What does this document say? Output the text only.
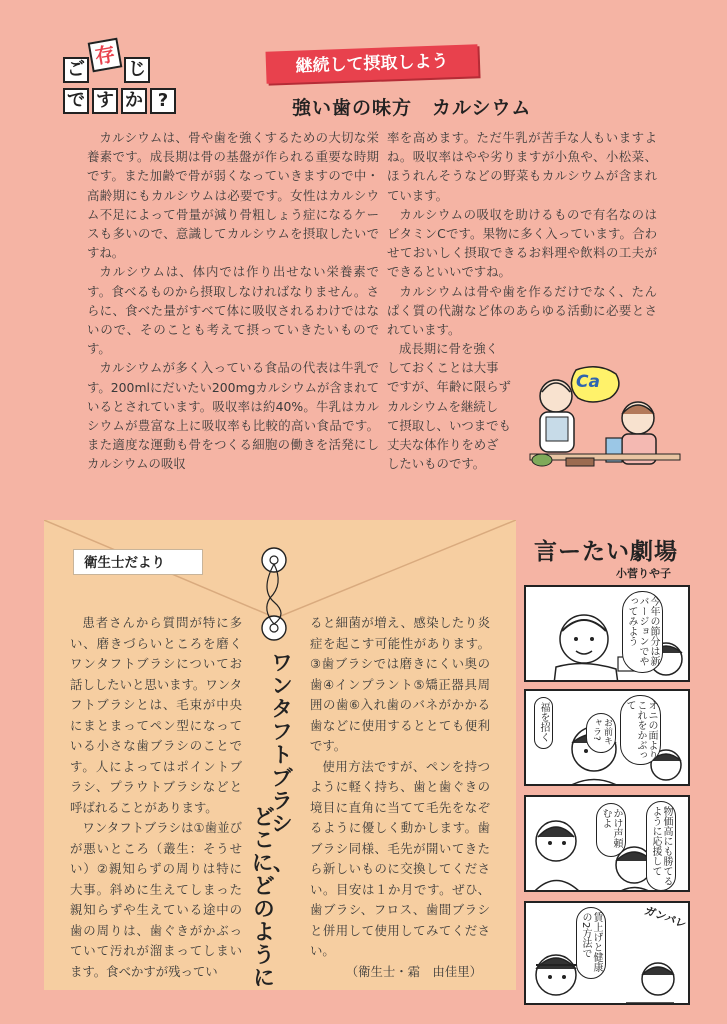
ご
存
じ
で す か ?
継続して摂取しよう
強い歯の味方　カルシウム

カルシウムは、骨や歯を強くするための大切な栄養素です。成長期は骨の基盤が作られる重要な時期です。また加齢で骨が弱くなっていきますので中・高齢期にもカルシウムは必要です。女性はカルシウム不足によって骨量が減り骨粗しょう症になるケースも多いので、意識してカルシウムを摂取したいですね。

カルシウムは、体内では作り出せない栄養素です。食べるものから摂取しなければなりません。さらに、食べた量がすべて体に吸収されるわけではないので、そのことも考えて摂っていきたいものです。

カルシウムが多く入っている食品の代表は牛乳です。200mlにだいたい200mgカルシウムが含まれているとされています。吸収率は約40%。牛乳はカルシウムが豊富な上に吸収率も比較的高い食品です。また適度な運動も骨をつくる細胞の働きを活発にしカルシウムの吸収

率を高めます。ただ牛乳が苦手な人もいますよね。吸収率はやや劣りますが小魚や、小松菜、ほうれんそうなどの野菜もカルシウムが含まれています。

カルシウムの吸収を助けるもので有名なのはビタミンCです。果物に多く入っています。合わせておいしく摂取できるお料理や飲料の工夫ができるといいですね。

カルシウムは骨や歯を作るだけでなく、たんぱく質の代謝など体のあらゆる活動に必要とされています。

成長期に骨を強く
しておくことは大事
ですが、年齢に限らず
カルシウムを継続し
て摂取し、いつまでも
丈夫な体作りをめざ
したいものです。
Ca
衛生士だより
ワンタフトブラシ
どこに、どのように

患者さんから質問が特に多い、磨きづらいところを磨くワンタフトブラシについてお話ししたいと思います。ワンタフトブラシとは、毛束が中央にまとまってペン型になっている小さな歯ブラシのことです。人によってはポイントブラシ、プラウトブラシなどと呼ばれることがあります。

ワンタフトブラシは①歯並びが悪いところ（叢生：そうせい）②親知らずの周りは特に大事。斜めに生えてしまった親知らずや生えている途中の歯の周りは、歯ぐきがかぶっていて汚れが溜まってしまいます。食べかすが残ってい

ると細菌が増え、感染したり炎症を起こす可能性があります。③歯ブラシでは磨きにくい奥の歯④インプラント⑤矯正器具周囲の歯⑥入れ歯のバネがかかる歯などに使用するととても便利です。

使用方法ですが、ペンを持つように軽く持ち、歯と歯ぐきの境目に直角に当てて毛先をなぞるように優しく動かします。歯ブラシ同様、毛先が開いてきたら新しいものに交換してください。目安は１か月です。ぜひ、歯ブラシ、フロス、歯間ブラシと併用して使用してみてください。

（衛生士・霜　由佳里）
言ーたい劇場
小菅りや子
今年の節分は新バージョンでやってみよう
福を招く	オニの面よりこれをかぶって
お前キャラ?
かけ声頼むよ	物価高にも勝てるように応援して
賃上げと健康の2方法で	ガンバレ
